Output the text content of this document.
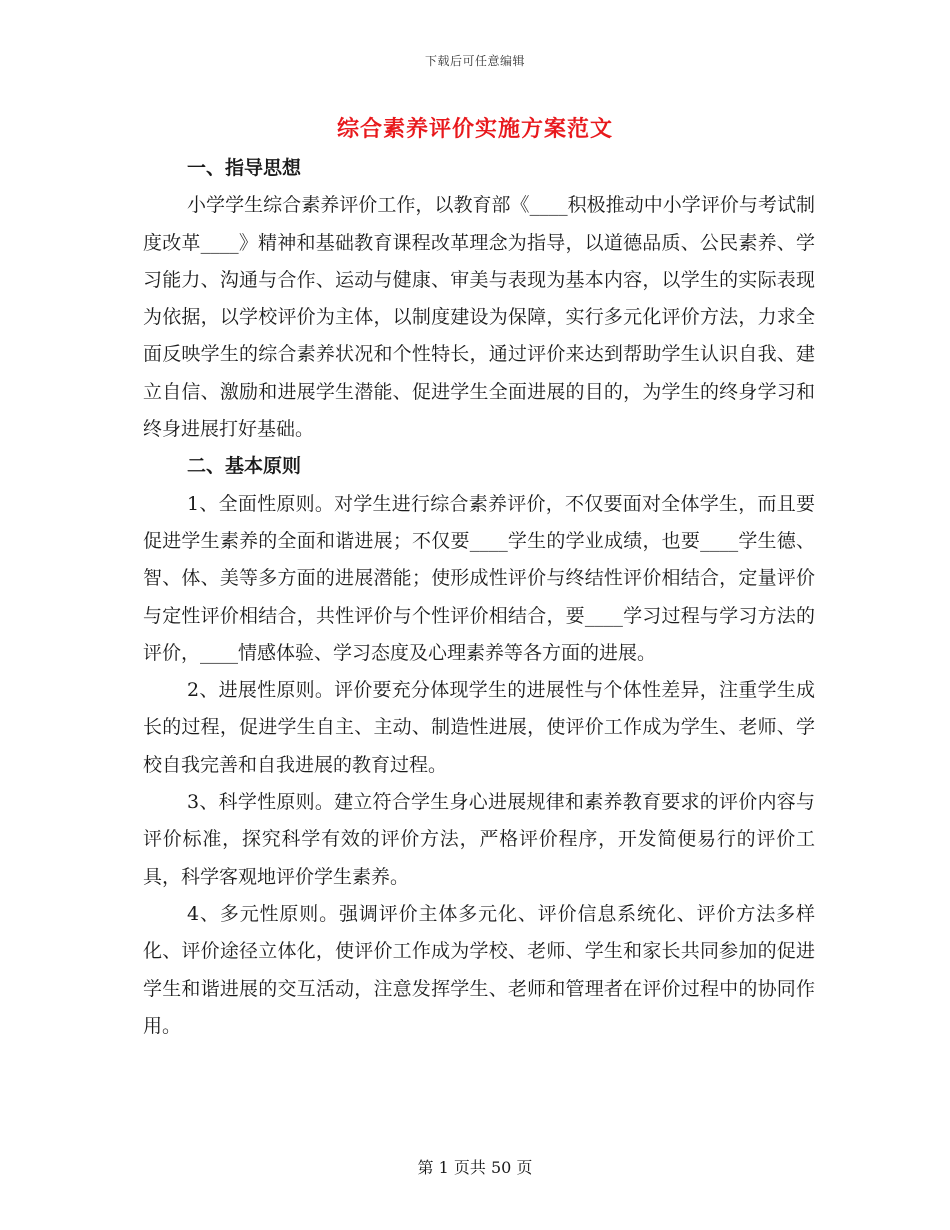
下载后可任意编辑
综合素养评价实施方案范文
一、指导思想

小学学生综合素养评价工作，以教育部《____积极推动中小学评价与考试制度改革____》精神和基础教育课程改革理念为指导，以道德品质、公民素养、学习能力、沟通与合作、运动与健康、审美与表现为基本内容，以学生的实际表现为依据，以学校评价为主体，以制度建设为保障，实行多元化评价方法，力求全面反映学生的综合素养状况和个性特长，通过评价来达到帮助学生认识自我、建立自信、激励和进展学生潜能、促进学生全面进展的目的，为学生的终身学习和终身进展打好基础。

二、基本原则

1、全面性原则。对学生进行综合素养评价，不仅要面对全体学生，而且要促进学生素养的全面和谐进展；不仅要____学生的学业成绩，也要____学生德、智、体、美等多方面的进展潜能；使形成性评价与终结性评价相结合，定量评价与定性评价相结合，共性评价与个性评价相结合，要____学习过程与学习方法的评价，____情感体验、学习态度及心理素养等各方面的进展。

2、进展性原则。评价要充分体现学生的进展性与个体性差异，注重学生成长的过程，促进学生自主、主动、制造性进展，使评价工作成为学生、老师、学校自我完善和自我进展的教育过程。

3、科学性原则。建立符合学生身心进展规律和素养教育要求的评价内容与评价标准，探究科学有效的评价方法，严格评价程序，开发简便易行的评价工具，科学客观地评价学生素养。

4、多元性原则。强调评价主体多元化、评价信息系统化、评价方法多样化、评价途径立体化，使评价工作成为学校、老师、学生和家长共同参加的促进学生和谐进展的交互活动，注意发挥学生、老师和管理者在评价过程中的协同作用。

第 1 页共 50 页
